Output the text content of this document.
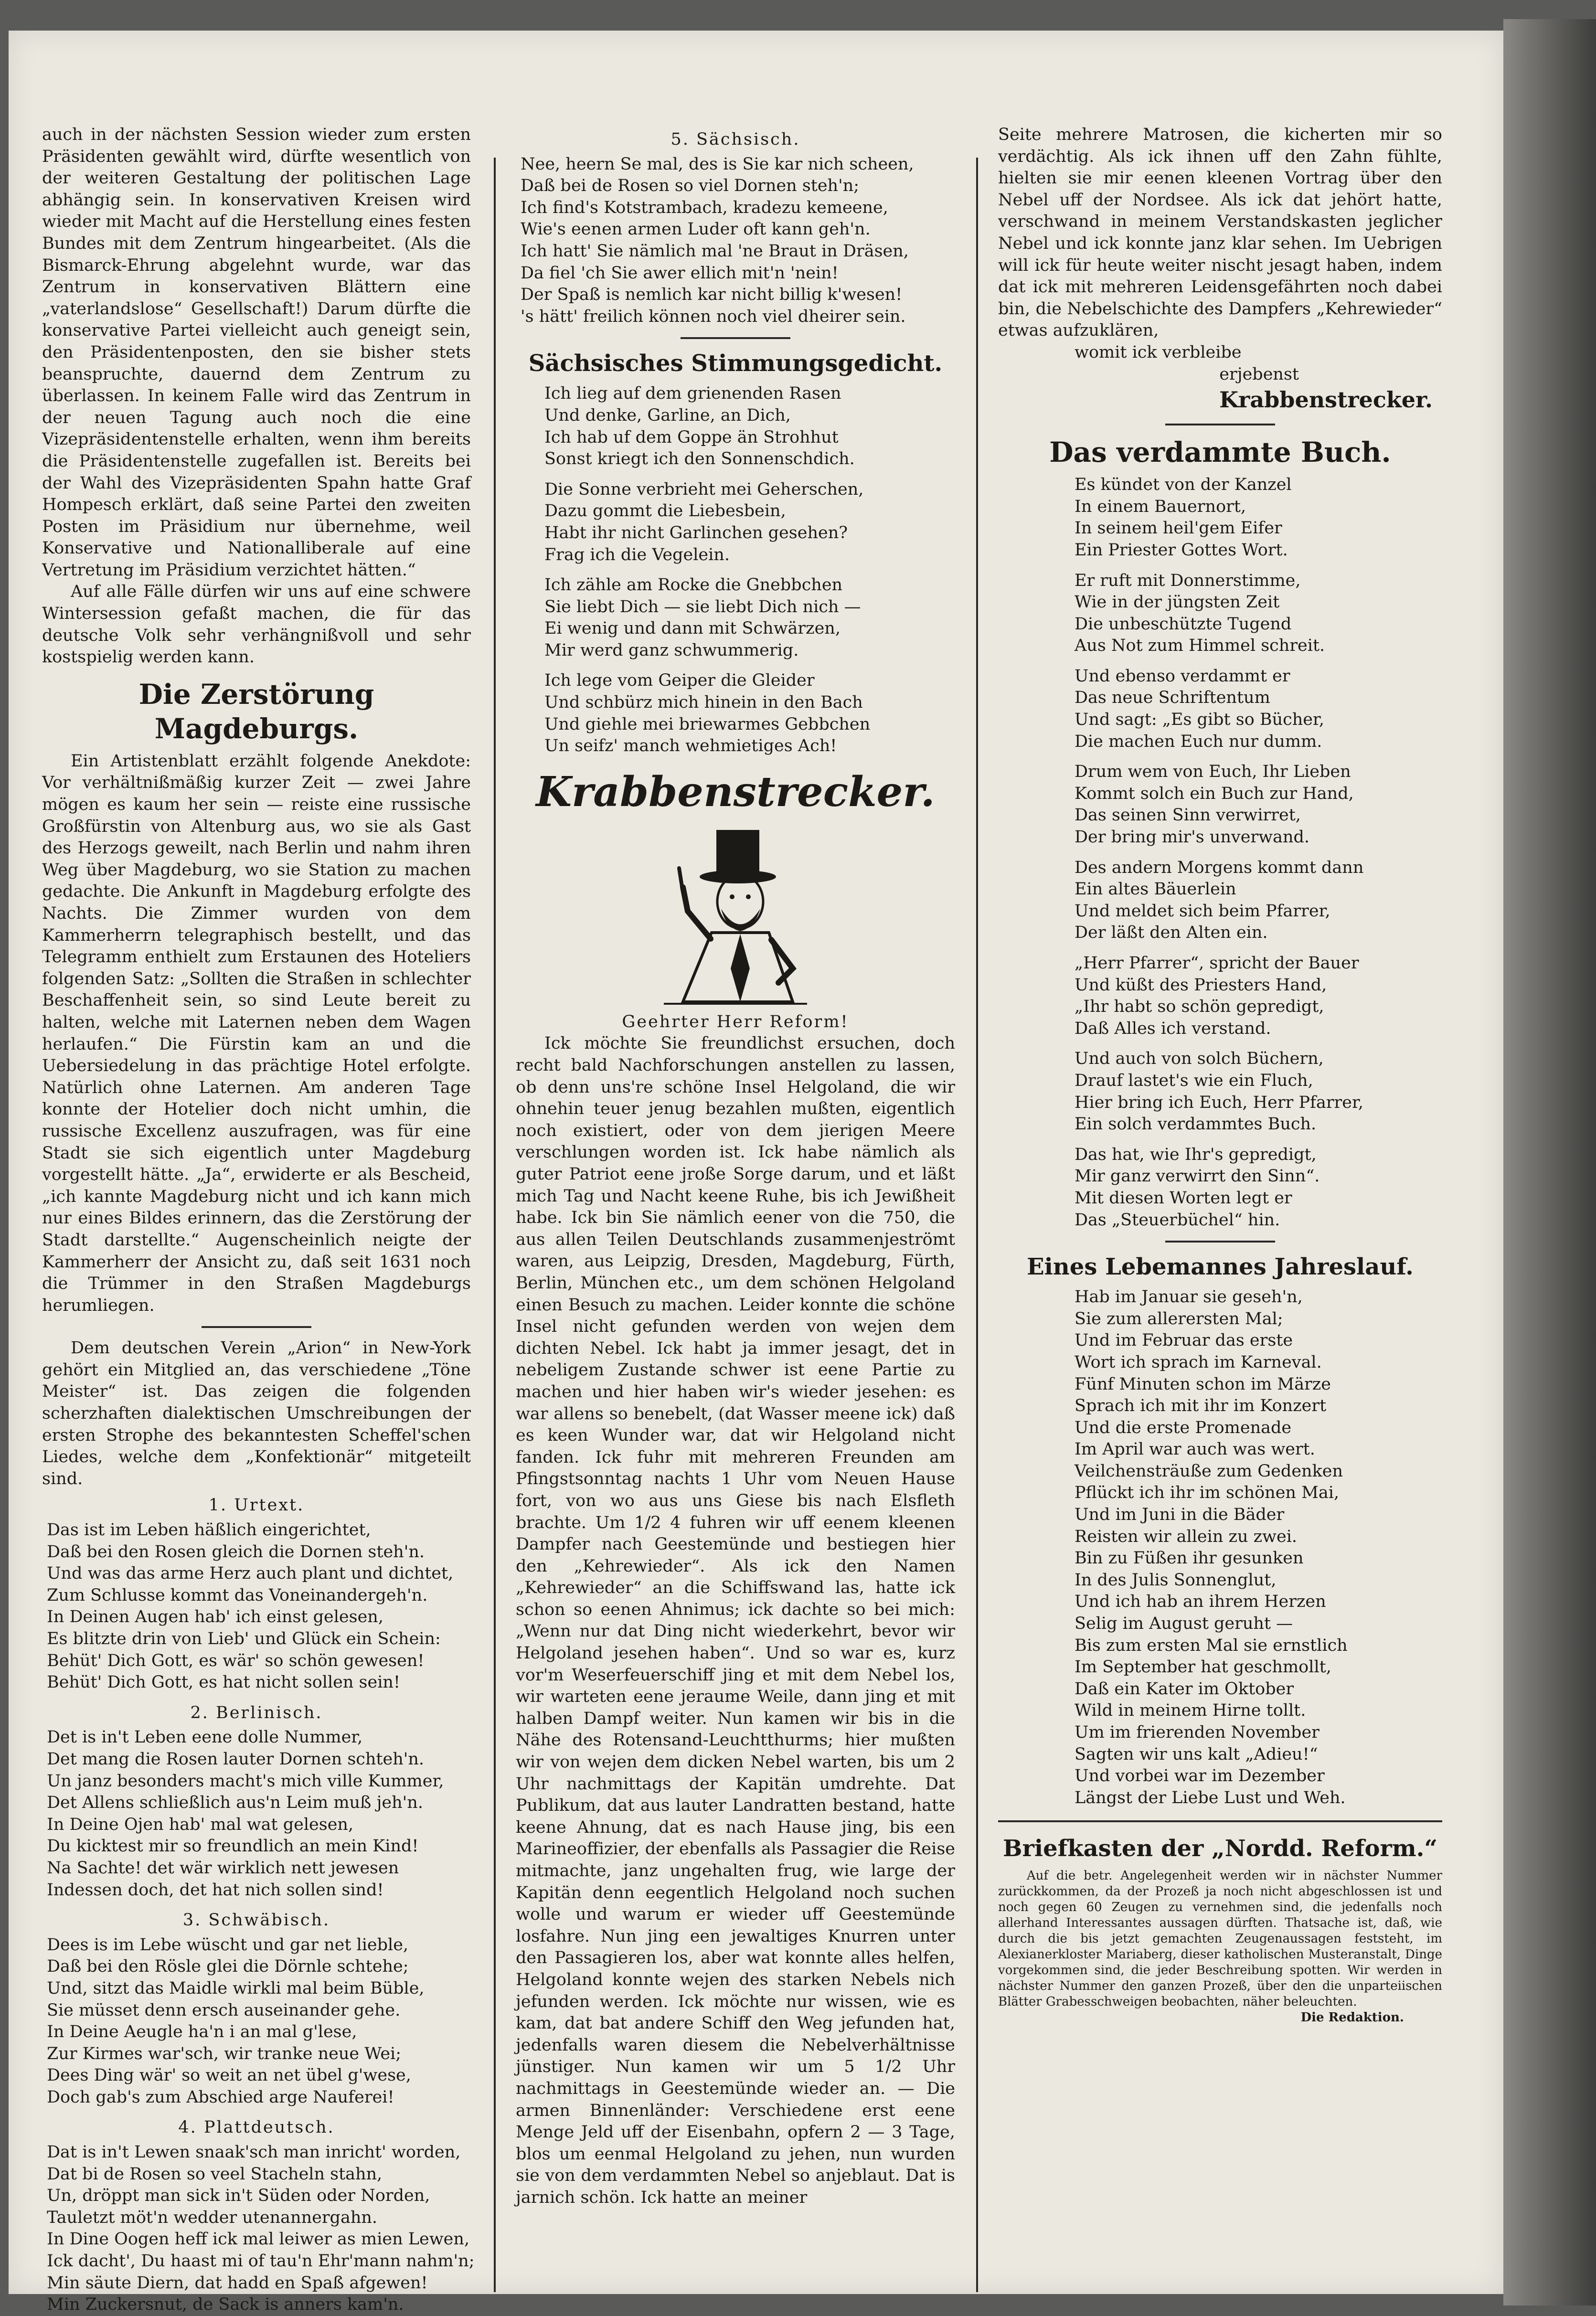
auch in der nächsten Session wieder zum ersten Präsidenten gewählt wird, dürfte wesentlich von der weiteren Gestaltung der politischen Lage abhängig sein. In konservativen Kreisen wird wieder mit Macht auf die Herstellung eines festen Bundes mit dem Zentrum hingearbeitet. (Als die Bismarck-Ehrung abgelehnt wurde, war das Zentrum in konservativen Blättern eine „vaterlandslose“ Gesellschaft!) Darum dürfte die konservative Partei vielleicht auch geneigt sein, den Präsidentenposten, den sie bisher stets beanspruchte, dauernd dem Zentrum zu überlassen. In keinem Falle wird das Zentrum in der neuen Tagung auch noch die eine Vizepräsidentenstelle erhalten, wenn ihm bereits die Präsidentenstelle zugefallen ist. Bereits bei der Wahl des Vizepräsidenten Spahn hatte Graf Hompesch erklärt, daß seine Partei den zweiten Posten im Präsidium nur übernehme, weil Konservative und Nationalliberale auf eine Vertretung im Präsidium verzichtet hätten.“

Auf alle Fälle dürfen wir uns auf eine schwere Wintersession gefaßt machen, die für das deutsche Volk sehr verhängnißvoll und sehr kostspielig werden kann.

Die Zerstörung Magdeburgs.

Ein Artistenblatt erzählt folgende Anekdote: Vor verhältnißmäßig kurzer Zeit — zwei Jahre mögen es kaum her sein — reiste eine russische Großfürstin von Altenburg aus, wo sie als Gast des Herzogs geweilt, nach Berlin und nahm ihren Weg über Magdeburg, wo sie Station zu machen gedachte. Die Ankunft in Magdeburg erfolgte des Nachts. Die Zimmer wurden von dem Kammerherrn telegraphisch bestellt, und das Telegramm enthielt zum Erstaunen des Hoteliers folgenden Satz: „Sollten die Straßen in schlechter Beschaffenheit sein, so sind Leute bereit zu halten, welche mit Laternen neben dem Wagen herlaufen.“ Die Fürstin kam an und die Uebersiedelung in das prächtige Hotel erfolgte. Natürlich ohne Laternen. Am anderen Tage konnte der Hotelier doch nicht umhin, die russische Excellenz auszufragen, was für eine Stadt sie sich eigentlich unter Magdeburg vorgestellt hätte. „Ja“, erwiderte er als Bescheid, „ich kannte Magdeburg nicht und ich kann mich nur eines Bildes erinnern, das die Zerstörung der Stadt darstellte.“ Augenscheinlich neigte der Kammerherr der Ansicht zu, daß seit 1631 noch die Trümmer in den Straßen Magdeburgs herumliegen.

Dem deutschen Verein „Arion“ in New-York gehört ein Mitglied an, das verschiedene „Töne Meister“ ist. Das zeigen die folgenden scherzhaften dialektischen Umschreibungen der ersten Strophe des bekanntesten Scheffel'schen Liedes, welche dem „Konfektionär“ mitgeteilt sind.

1. Urtext.
Das ist im Leben häßlich eingerichtet,
Daß bei den Rosen gleich die Dornen steh'n.
Und was das arme Herz auch plant und dichtet,
Zum Schlusse kommt das Voneinandergeh'n.
In Deinen Augen hab' ich einst gelesen,
Es blitzte drin von Lieb' und Glück ein Schein:
Behüt' Dich Gott, es wär' so schön gewesen!
Behüt' Dich Gott, es hat nicht sollen sein!
2. Berlinisch.
Det is in't Leben eene dolle Nummer,
Det mang die Rosen lauter Dornen schteh'n.
Un janz besonders macht's mich ville Kummer,
Det Allens schließlich aus'n Leim muß jeh'n.
In Deine Ojen hab' mal wat gelesen,
Du kicktest mir so freundlich an mein Kind!
Na Sachte! det wär wirklich nett jewesen
Indessen doch, det hat nich sollen sind!
3. Schwäbisch.
Dees is im Lebe wüscht und gar net lieble,
Daß bei den Rösle glei die Dörnle schtehe;
Und, sitzt das Maidle wirkli mal beim Büble,
Sie müsset denn ersch auseinander gehe.
In Deine Aeugle ha'n i an mal g'lese,
Zur Kirmes war'sch, wir tranke neue Wei;
Dees Ding wär' so weit an net übel g'wese,
Doch gab's zum Abschied arge Nauferei!
4. Plattdeutsch.
Dat is in't Lewen snaak'sch man inricht' worden,
Dat bi de Rosen so veel Stacheln stahn,
Un, dröppt man sick in't Süden oder Norden,
Tauletzt möt'n wedder utenannergahn.
In Dine Oogen heff ick mal leiwer as mien Lewen,
Ick dacht', Du haast mi of tau'n Ehr'mann nahm'n;
Min säute Diern, dat hadd en Spaß afgewen!
Min Zuckersnut, de Sack is anners kam'n.
5. Sächsisch.
Nee, heern Se mal, des is Sie kar nich scheen,
Daß bei de Rosen so viel Dornen steh'n;
Ich find's Kotstrambach, kradezu kemeene,
Wie's eenen armen Luder oft kann geh'n.
Ich hatt' Sie nämlich mal 'ne Braut in Dräsen,
Da fiel 'ch Sie awer ellich mit'n 'nein!
Der Spaß is nemlich kar nicht billig k'wesen!
's hätt' freilich können noch viel dheirer sein.
Sächsisches Stimmungsgedicht.
Ich lieg auf dem grienenden Rasen
Und denke, Garline, an Dich,
Ich hab uf dem Goppe än Strohhut
Sonst kriegt ich den Sonnenschdich.
Die Sonne verbrieht mei Geherschen,
Dazu gommt die Liebesbein,
Habt ihr nicht Garlinchen gesehen?
Frag ich die Vegelein.
Ich zähle am Rocke die Gnebbchen
Sie liebt Dich — sie liebt Dich nich —
Ei wenig und dann mit Schwärzen,
Mir werd ganz schwummerig.
Ich lege vom Geiper die Gleider
Und schbürz mich hinein in den Bach
Und giehle mei briewarmes Gebbchen
Un seifz' manch wehmietiges Ach!
Krabbenstrecker.
Geehrter Herr Reform!

Ick möchte Sie freundlichst ersuchen, doch recht bald Nachforschungen anstellen zu lassen, ob denn uns're schöne Insel Helgoland, die wir ohnehin teuer jenug bezahlen mußten, eigentlich noch existiert, oder von dem jierigen Meere verschlungen worden ist. Ick habe nämlich als guter Patriot eene jroße Sorge darum, und et läßt mich Tag und Nacht keene Ruhe, bis ich Jewißheit habe. Ick bin Sie nämlich eener von die 750, die aus allen Teilen Deutschlands zusammenjeströmt waren, aus Leipzig, Dresden, Magdeburg, Fürth, Berlin, München etc., um dem schönen Helgoland einen Besuch zu machen. Leider konnte die schöne Insel nicht gefunden werden von wejen dem dichten Nebel. Ick habt ja immer jesagt, det in nebeligem Zustande schwer ist eene Partie zu machen und hier haben wir's wieder jesehen: es war allens so benebelt, (dat Wasser meene ick) daß es keen Wunder war, dat wir Helgoland nicht fanden. Ick fuhr mit mehreren Freunden am Pfingstsonntag nachts 1 Uhr vom Neuen Hause fort, von wo aus uns Giese bis nach Elsfleth brachte. Um 1/2 4 fuhren wir uff eenem kleenen Dampfer nach Geestemünde und bestiegen hier den „Kehrewieder“. Als ick den Namen „Kehrewieder“ an die Schiffswand las, hatte ick schon so eenen Ahnimus; ick dachte so bei mich: „Wenn nur dat Ding nicht wiederkehrt, bevor wir Helgoland jesehen haben“. Und so war es, kurz vor'm Weserfeuerschiff jing et mit dem Nebel los, wir warteten eene jeraume Weile, dann jing et mit halben Dampf weiter. Nun kamen wir bis in die Nähe des Rotensand-Leuchtthurms; hier mußten wir von wejen dem dicken Nebel warten, bis um 2 Uhr nachmittags der Kapitän umdrehte. Dat Publikum, dat aus lauter Landratten bestand, hatte keene Ahnung, dat es nach Hause jing, bis een Marineoffizier, der ebenfalls als Passagier die Reise mitmachte, janz ungehalten frug, wie large der Kapitän denn eegentlich Helgoland noch suchen wolle und warum er wieder uff Geestemünde losfahre. Nun jing een jewaltiges Knurren unter den Passagieren los, aber wat konnte alles helfen, Helgoland konnte wejen des starken Nebels nich jefunden werden. Ick möchte nur wissen, wie es kam, dat bat andere Schiff den Weg jefunden hat, jedenfalls waren diesem die Nebelverhältnisse jünstiger. Nun kamen wir um 5 1/2 Uhr nachmittags in Geestemünde wieder an. — Die armen Binnenländer: Verschiedene erst eene Menge Jeld uff der Eisenbahn, opfern 2 — 3 Tage, blos um eenmal Helgoland zu jehen, nun wurden sie von dem verdammten Nebel so anjeblaut. Dat is jarnich schön. Ick hatte an meiner

Seite mehrere Matrosen, die kicherten mir so verdächtig. Als ick ihnen uff den Zahn fühlte, hielten sie mir eenen kleenen Vortrag über den Nebel uff der Nordsee. Als ick dat jehört hatte, verschwand in meinem Verstandskasten jeglicher Nebel und ick konnte janz klar sehen. Im Uebrigen will ick für heute weiter nischt jesagt haben, indem dat ick mit mehreren Leidensgefährten noch dabei bin, die Nebelschichte des Dampfers „Kehrewieder“ etwas aufzuklären,

womit ick verbleibe

erjebenst

Krabbenstrecker.
Das verdammte Buch.
Es kündet von der Kanzel
In einem Bauernort,
In seinem heil'gem Eifer
Ein Priester Gottes Wort.
Er ruft mit Donnerstimme,
Wie in der jüngsten Zeit
Die unbeschützte Tugend
Aus Not zum Himmel schreit.
Und ebenso verdammt er
Das neue Schriftentum
Und sagt: „Es gibt so Bücher,
Die machen Euch nur dumm.
Drum wem von Euch, Ihr Lieben
Kommt solch ein Buch zur Hand,
Das seinen Sinn verwirret,
Der bring mir's unverwand.
Des andern Morgens kommt dann
Ein altes Bäuerlein
Und meldet sich beim Pfarrer,
Der läßt den Alten ein.
„Herr Pfarrer“, spricht der Bauer
Und küßt des Priesters Hand,
„Ihr habt so schön gepredigt,
Daß Alles ich verstand.
Und auch von solch Büchern,
Drauf lastet's wie ein Fluch,
Hier bring ich Euch, Herr Pfarrer,
Ein solch verdammtes Buch.
Das hat, wie Ihr's gepredigt,
Mir ganz verwirrt den Sinn“.
Mit diesen Worten legt er
Das „Steuerbüchel“ hin.
Eines Lebemannes Jahreslauf.
Hab im Januar sie geseh'n,
Sie zum allerersten Mal;
Und im Februar das erste
Wort ich sprach im Karneval.
Fünf Minuten schon im Märze
Sprach ich mit ihr im Konzert
Und die erste Promenade
Im April war auch was wert.
Veilchensträuße zum Gedenken
Pflückt ich ihr im schönen Mai,
Und im Juni in die Bäder
Reisten wir allein zu zwei.
Bin zu Füßen ihr gesunken
In des Julis Sonnenglut,
Und ich hab an ihrem Herzen
Selig im August geruht —
Bis zum ersten Mal sie ernstlich
Im September hat geschmollt,
Daß ein Kater im Oktober
Wild in meinem Hirne tollt.
Um im frierenden November
Sagten wir uns kalt „Adieu!“
Und vorbei war im Dezember
Längst der Liebe Lust und Weh.
Briefkasten der „Nordd. Reform.“

Auf die betr. Angelegenheit werden wir in nächster Nummer zurückkommen, da der Prozeß ja noch nicht abgeschlossen ist und noch gegen 60 Zeugen zu vernehmen sind, die jedenfalls noch allerhand Interessantes aussagen dürften. Thatsache ist, daß, wie durch die bis jetzt gemachten Zeugenaussagen feststeht, im Alexianerkloster Mariaberg, dieser katholischen Musteranstalt, Dinge vorgekommen sind, die jeder Beschreibung spotten. Wir werden in nächster Nummer den ganzen Prozeß, über den die unparteiischen Blätter Grabesschweigen beobachten, näher beleuchten.

Die Redaktion.
